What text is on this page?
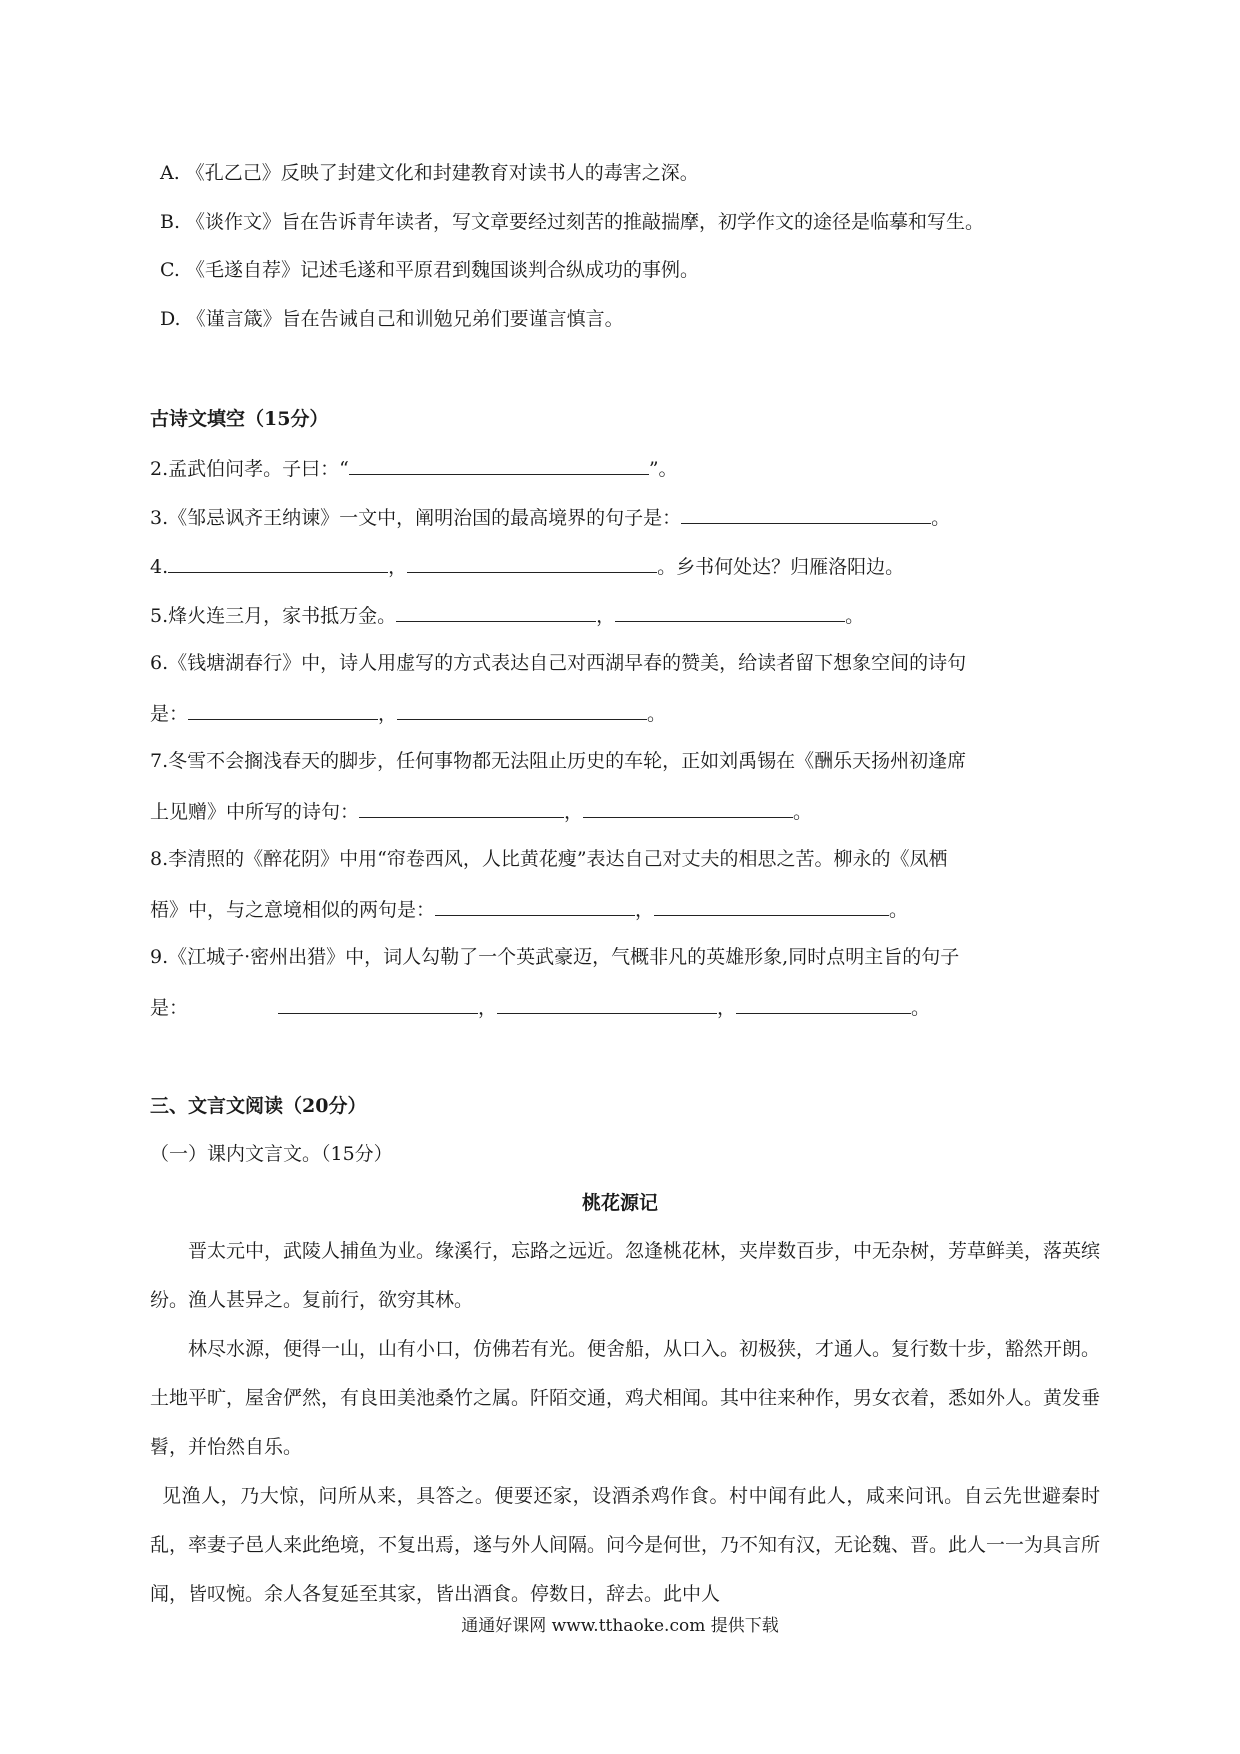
A. 《孔乙己》反映了封建文化和封建教育对读书人的毒害之深。
B. 《谈作文》旨在告诉青年读者，写文章要经过刻苦的推敲揣摩，初学作文的途径是临摹和写生。
C. 《毛遂自荐》记述毛遂和平原君到魏国谈判合纵成功的事例。
D. 《谨言箴》旨在告诫自己和训勉兄弟们要谨言慎言。
古诗文填空（15分）
2.孟武伯问孝。子曰：“	”。
3.《邹忌讽齐王纳谏》一文中，阐明治国的最高境界的句子是：	。
4.	，	。乡书何处达？归雁洛阳边。
5.烽火连三月，家书抵万金。	，	。
6.《钱塘湖春行》中，诗人用虚写的方式表达自己对西湖早春的赞美，给读者留下想象空间的诗句
是：	，	。
7.冬雪不会搁浅春天的脚步，任何事物都无法阻止历史的车轮，正如刘禹锡在《酬乐天扬州初逢席
上见赠》中所写的诗句：	，	。
8.李清照的《醉花阴》中用“帘卷西风，人比黄花瘦”表达自己对丈夫的相思之苦。柳永的《凤栖
梧》中，与之意境相似的两句是：	，	。
9.《江城子·密州出猎》中，词人勾勒了一个英武豪迈，气概非凡的英雄形象,同时点明主旨的句子
是：	，	，	。
三、文言文阅读（20分）
（一）课内文言文。（15分）
桃花源记
晋太元中，武陵人捕鱼为业。缘溪行，忘路之远近。忽逢桃花林，夹岸数百步，中无杂树，芳草鲜美，落英缤纷。渔人甚异之。复前行，欲穷其林。
林尽水源，便得一山，山有小口，仿佛若有光。便舍船，从口入。初极狭，才通人。复行数十步，豁然开朗。土地平旷，屋舍俨然，有良田美池桑竹之属。阡陌交通，鸡犬相闻。其中往来种作，男女衣着，悉如外人。黄发垂髫，并怡然自乐。
见渔人，乃大惊，问所从来，具答之。便要还家，设酒杀鸡作食。村中闻有此人，咸来问讯。自云先世避秦时乱，率妻子邑人来此绝境，不复出焉，遂与外人间隔。问今是何世，乃不知有汉，无论魏、晋。此人一一为具言所闻，皆叹惋。余人各复延至其家，皆出酒食。停数日，辞去。此中人
通通好课网 www.tthaoke.com 提供下载
